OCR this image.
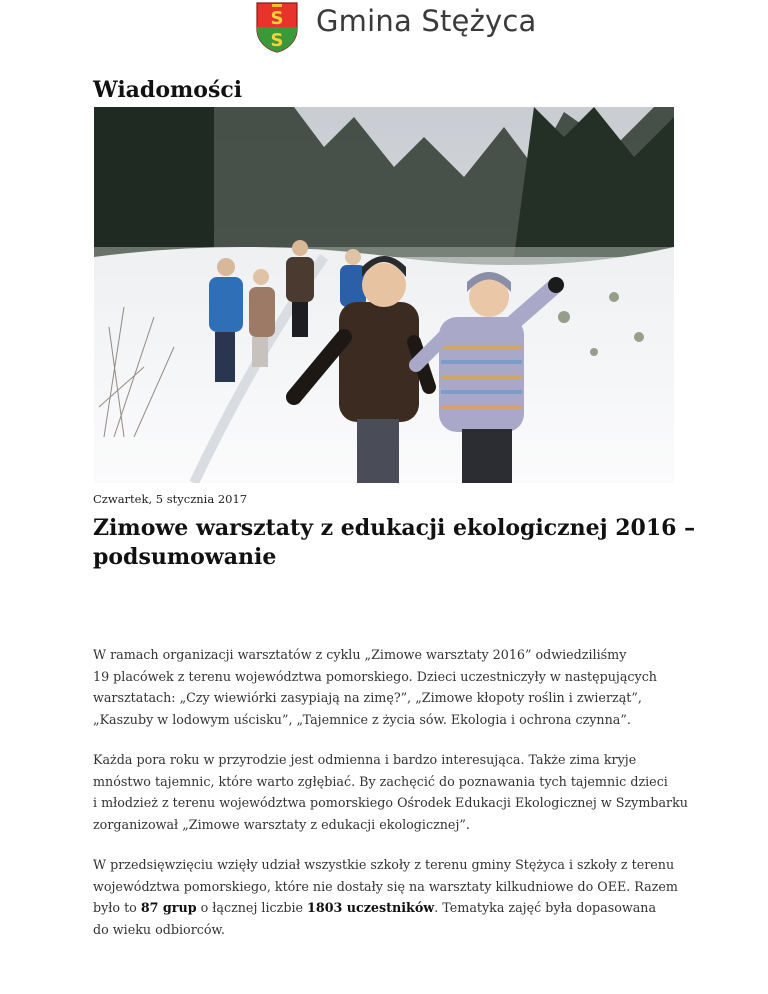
S
S
Gmina Stężyca
Wiadomości
Czwartek, 5 stycznia 2017
Zimowe warsztaty z edukacji ekologicznej 2016 –
podsumowanie

W ramach organizacji warsztatów z cyklu „Zimowe warsztaty 2016” odwiedziliśmy
19 placówek z terenu województwa pomorskiego. Dzieci uczestniczyły w następujących
warsztatach: „Czy wiewiórki zasypiają na zimę?”, „Zimowe kłopoty roślin i zwierząt”,
„Kaszuby w lodowym uścisku”, „Tajemnice z życia sów. Ekologia i ochrona czynna”.

Każda pora roku w przyrodzie jest odmienna i bardzo interesująca. Także zima kryje
mnóstwo tajemnic, które warto zgłębiać. By zachęcić do poznawania tych tajemnic dzieci
i młodzież z terenu województwa pomorskiego Ośrodek Edukacji Ekologicznej w Szymbarku
zorganizował „Zimowe warsztaty z edukacji ekologicznej”.

W przedsięwzięciu wzięły udział wszystkie szkoły z terenu gminy Stężyca i szkoły z terenu
województwa pomorskiego, które nie dostały się na warsztaty kilkudniowe do OEE. Razem
było to 87 grup o łącznej liczbie 1803 uczestników. Tematyka zajęć była dopasowana
do wieku odbiorców.
